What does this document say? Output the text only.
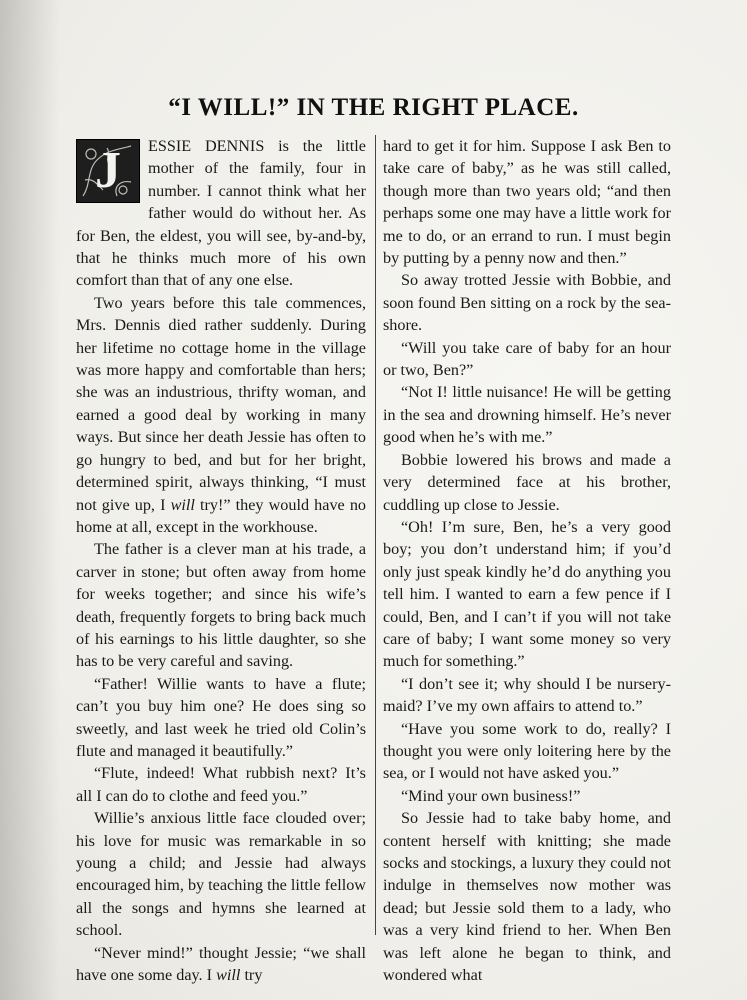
“I WILL!” IN THE RIGHT PLACE.
J	ESSIE DENNIS is the little mother of the family, four in number. I cannot think what her father would do without her. As for Ben, the eldest, you will see, by-and-by, that he thinks much more of his own comfort than that of any one else.

Two years before this tale commences, Mrs. Dennis died rather suddenly. During her lifetime no cottage home in the village was more happy and comfortable than hers; she was an industrious, thrifty woman, and earned a good deal by working in many ways. But since her death Jessie has often to go hungry to bed, and but for her bright, determined spirit, always thinking, “I must not give up, I will try!” they would have no home at all, except in the workhouse.

The father is a clever man at his trade, a carver in stone; but often away from home for weeks together; and since his wife’s death, frequently forgets to bring back much of his earnings to his little daughter, so she has to be very careful and saving.

“Father! Willie wants to have a flute; can’t you buy him one? He does sing so sweetly, and last week he tried old Colin’s flute and managed it beautifully.”

“Flute, indeed! What rubbish next? It’s all I can do to clothe and feed you.”

Willie’s anxious little face clouded over; his love for music was remarkable in so young a child; and Jessie had always encouraged him, by teaching the little fellow all the songs and hymns she learned at school.

“Never mind!” thought Jessie; “we shall have one some day. I will try

hard to get it for him. Suppose I ask Ben to take care of baby,” as he was still called, though more than two years old; “and then perhaps some one may have a little work for me to do, or an errand to run. I must begin by putting by a penny now and then.”

So away trotted Jessie with Bobbie, and soon found Ben sitting on a rock by the sea-shore.

“Will you take care of baby for an hour or two, Ben?”

“Not I! little nuisance! He will be getting in the sea and drowning himself. He’s never good when he’s with me.”

Bobbie lowered his brows and made a very determined face at his brother, cuddling up close to Jessie.

“Oh! I’m sure, Ben, he’s a very good boy; you don’t understand him; if you’d only just speak kindly he’d do anything you tell him. I wanted to earn a few pence if I could, Ben, and I can’t if you will not take care of baby; I want some money so very much for something.”

“I don’t see it; why should I be nursery-maid? I’ve my own affairs to attend to.”

“Have you some work to do, really? I thought you were only loitering here by the sea, or I would not have asked you.”

“Mind your own business!”

So Jessie had to take baby home, and content herself with knitting; she made socks and stockings, a luxury they could not indulge in themselves now mother was dead; but Jessie sold them to a lady, who was a very kind friend to her. When Ben was left alone he began to think, and wondered what
